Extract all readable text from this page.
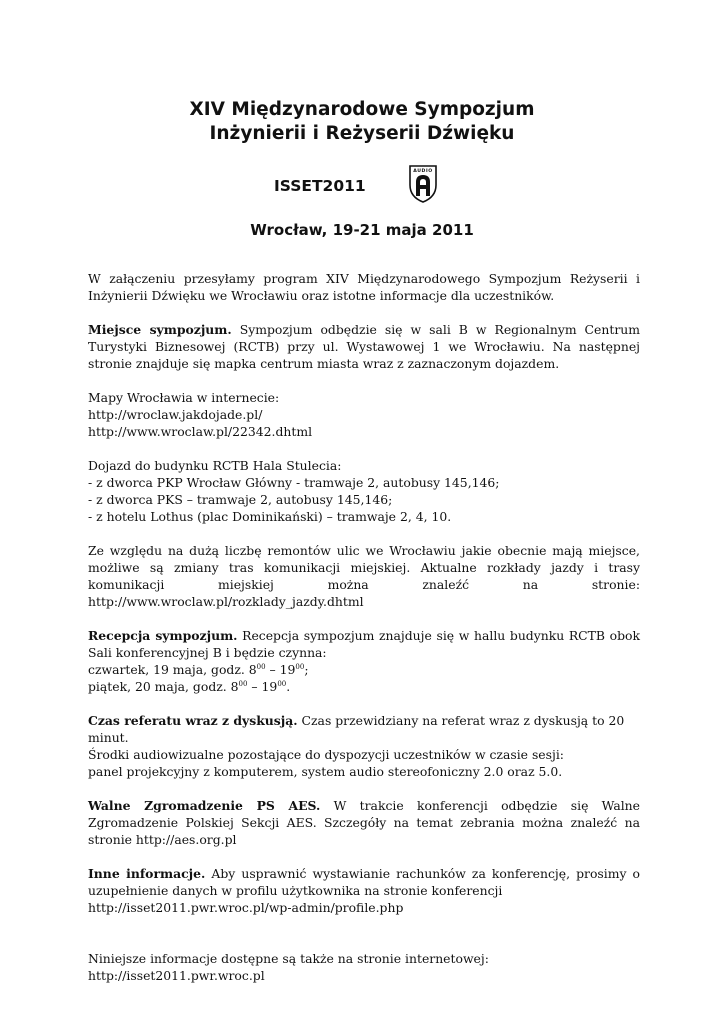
XIV Międzynarodowe Sympozjum
Inżynierii i Reżyserii Dźwięku
ISSET2011
AUDIO
Wrocław, 19-21 maja 2011

W załączeniu przesyłamy program XIV Międzynarodowego Sympozjum Reżyserii i Inżynierii Dźwięku we Wrocławiu oraz istotne informacje dla uczestników.

Miejsce sympozjum. Sympozjum odbędzie się w sali B w Regionalnym Centrum Turystyki Biznesowej (RCTB) przy ul. Wystawowej 1 we Wrocławiu. Na następnej stronie znajduje się mapka centrum miasta wraz z zaznaczonym dojazdem.

Mapy Wrocławia w internecie:
http://wroclaw.jakdojade.pl/
http://www.wroclaw.pl/22342.dhtml

Dojazd do budynku RCTB Hala Stulecia:
- z dworca PKP Wrocław Główny - tramwaje 2, autobusy 145,146;
- z dworca PKS – tramwaje 2, autobusy 145,146;
- z hotelu Lothus (plac Dominikański) – tramwaje 2, 4, 10.

Ze względu na dużą liczbę remontów ulic we Wrocławiu jakie obecnie mają miejsce, możliwe są zmiany tras komunikacji miejskiej. Aktualne rozkłady jazdy i trasy komunikacji miejskiej można znaleźć na stronie: http://www.wroclaw.pl/rozklady_jazdy.dhtml

Recepcja sympozjum. Recepcja sympozjum znajduje się w hallu budynku RCTB obok Sali konferencyjnej B i będzie czynna:
czwartek, 19 maja, godz. $8^{00} - 19^{00}$;
piątek, 20 maja, godz. $8^{00} - 19^{00}$.

Czas referatu wraz z dyskusją. Czas przewidziany na referat wraz z dyskusją to 20 minut.
Środki audiowizualne pozostające do dyspozycji uczestników w czasie sesji:
panel projekcyjny z komputerem, system audio stereofoniczny 2.0 oraz 5.0.

Walne Zgromadzenie PS AES. W trakcie konferencji odbędzie się Walne Zgromadzenie Polskiej Sekcji AES. Szczegóły na temat zebrania można znaleźć na stronie http://aes.org.pl

Inne informacje. Aby usprawnić wystawianie rachunków za konferencję, prosimy o uzupełnienie danych w profilu użytkownika na stronie konferencji
http://isset2011.pwr.wroc.pl/wp-admin/profile.php

Niniejsze informacje dostępne są także na stronie internetowej: http://isset2011.pwr.wroc.pl
